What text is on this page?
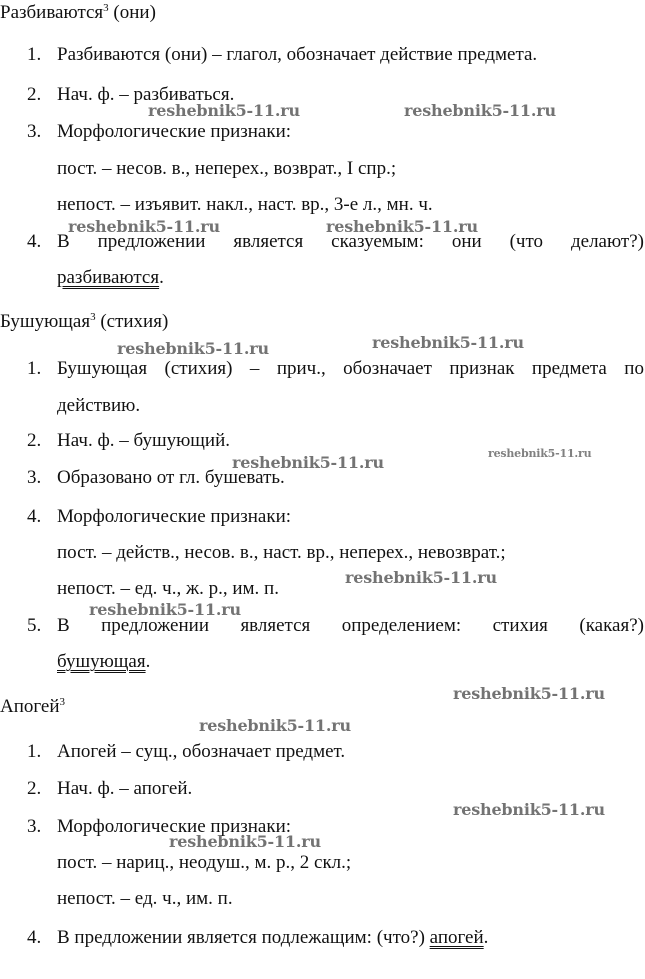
Разбиваются$^3$ (они)
1. Разбиваются (они) – глагол, обозначает действие предмета.
2. Нач. ф. – разбиваться.
3. Морфологические признаки:
пост. – несов. в., неперех., возврат., I спр.;
непост. – изъявит. накл., наст. вр., 3-е л., мн. ч.
4. В предложении является сказуемым: они (что делают?)
разбиваются.
Бушующая$^3$ (стихия)
1. Бушующая (стихия) – прич., обозначает признак предмета по
действию.
2. Нач. ф. – бушующий.
3. Образовано от гл. бушевать.
4. Морфологические признаки:
пост. – действ., несов. в., наст. вр., неперех., невозврат.;
непост. – ед. ч., ж. р., им. п.
5. В предложении является определением: стихия (какая?)
бушующая.
Апогей$^3$
1. Апогей – сущ., обозначает предмет.
2. Нач. ф. – апогей.
3. Морфологические признаки:
пост. – нариц., неодуш., м. р., 2 скл.;
непост. – ед. ч., им. п.
4. В предложении является подлежащим: (что?) апогей.
reshebnik5-11.ru	reshebnik5-11.ru
reshebnik5-11.ru	reshebnik5-11.ru
reshebnik5-11.ru
reshebnik5-11.ru
reshebnik5-11.ru
reshebnik5-11.ru
reshebnik5-11.ru
reshebnik5-11.ru
reshebnik5-11.ru
reshebnik5-11.ru
reshebnik5-11.ru
reshebnik5-11.ru
